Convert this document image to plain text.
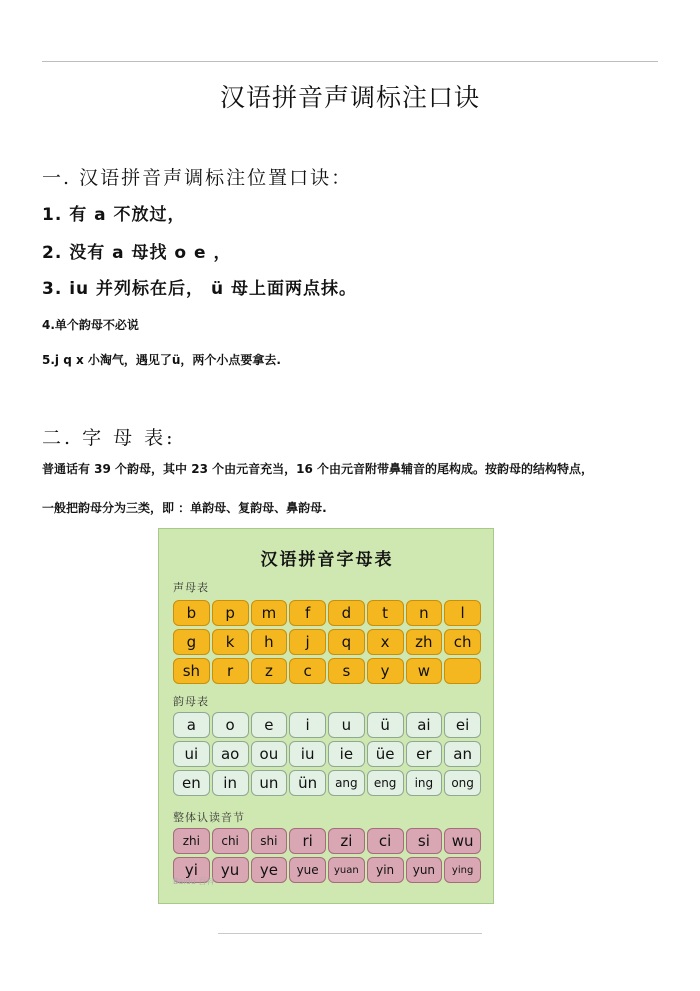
汉语拼音声调标注口诀
一. 汉语拼音声调标注位置口诀：
1. 有 a 不放过，
2. 没有 a 母找 o e ，
3. iu 并列标在后， ü 母上面两点抹。
4.单个韵母不必说
5.j q x 小淘气，遇见了ü，两个小点要拿去.
二. 字 母 表:
普通话有 39 个韵母，其中 23 个由元音充当，16 个由元音附带鼻辅音的尾构成。按韵母的结构特点，
一般把韵母分为三类，即 ：单韵母、复韵母、鼻韵母.
汉语拼音字母表
声母表
b	p	m	f	d	t	n	l
g	k	h	j	q	x	zh	ch
sh	r	z	c	s	y	w
韵母表
a	o	e	i	u	ü	ai	ei
ui	ao	ou	iu	ie	üe	er	an
en	in	un	ün	ang	eng	ing	ong
整体认读音节
zhi	chi	shi	ri	zi	ci	si	wu
yi	yu	ye	yue	yuan	yin	yun	ying
Baidu 百科
